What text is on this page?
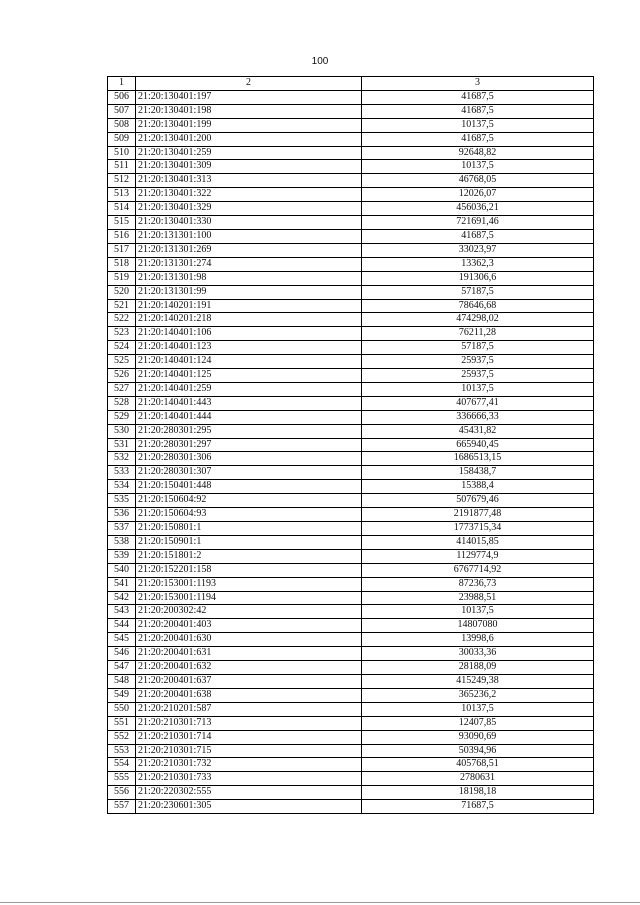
100
1	2	3
506	21:20:130401:197	41687,5
507	21:20:130401:198	41687,5
508	21:20:130401:199	10137,5
509	21:20:130401:200	41687,5
510	21:20:130401:259	92648,82
511	21:20:130401:309	10137,5
512	21:20:130401:313	46768,05
513	21:20:130401:322	12026,07
514	21:20:130401:329	456036,21
515	21:20:130401:330	721691,46
516	21:20:131301:100	41687,5
517	21:20:131301:269	33023,97
518	21:20:131301:274	13362,3
519	21:20:131301:98	191306,6
520	21:20:131301:99	57187,5
521	21:20:140201:191	78646,68
522	21:20:140201:218	474298,02
523	21:20:140401:106	76211,28
524	21:20:140401:123	57187,5
525	21:20:140401:124	25937,5
526	21:20:140401:125	25937,5
527	21:20:140401:259	10137,5
528	21:20:140401:443	407677,41
529	21:20:140401:444	336666,33
530	21:20:280301:295	45431,82
531	21:20:280301:297	665940,45
532	21:20:280301:306	1686513,15
533	21:20:280301:307	158438,7
534	21:20:150401:448	15388,4
535	21:20:150604:92	507679,46
536	21:20:150604:93	2191877,48
537	21:20:150801:1	1773715,34
538	21:20:150901:1	414015,85
539	21:20:151801:2	1129774,9
540	21:20:152201:158	6767714,92
541	21:20:153001:1193	87236,73
542	21:20:153001:1194	23988,51
543	21:20:200302:42	10137,5
544	21:20:200401:403	14807080
545	21:20:200401:630	13998,6
546	21:20:200401:631	30033,36
547	21:20:200401:632	28188,09
548	21:20:200401:637	415249,38
549	21:20:200401:638	365236,2
550	21:20:210201:587	10137,5
551	21:20:210301:713	12407,85
552	21:20:210301:714	93090,69
553	21:20:210301:715	50394,96
554	21:20:210301:732	405768,51
555	21:20:210301:733	2780631
556	21:20:220302:555	18198,18
557	21:20:230601:305	71687,5
